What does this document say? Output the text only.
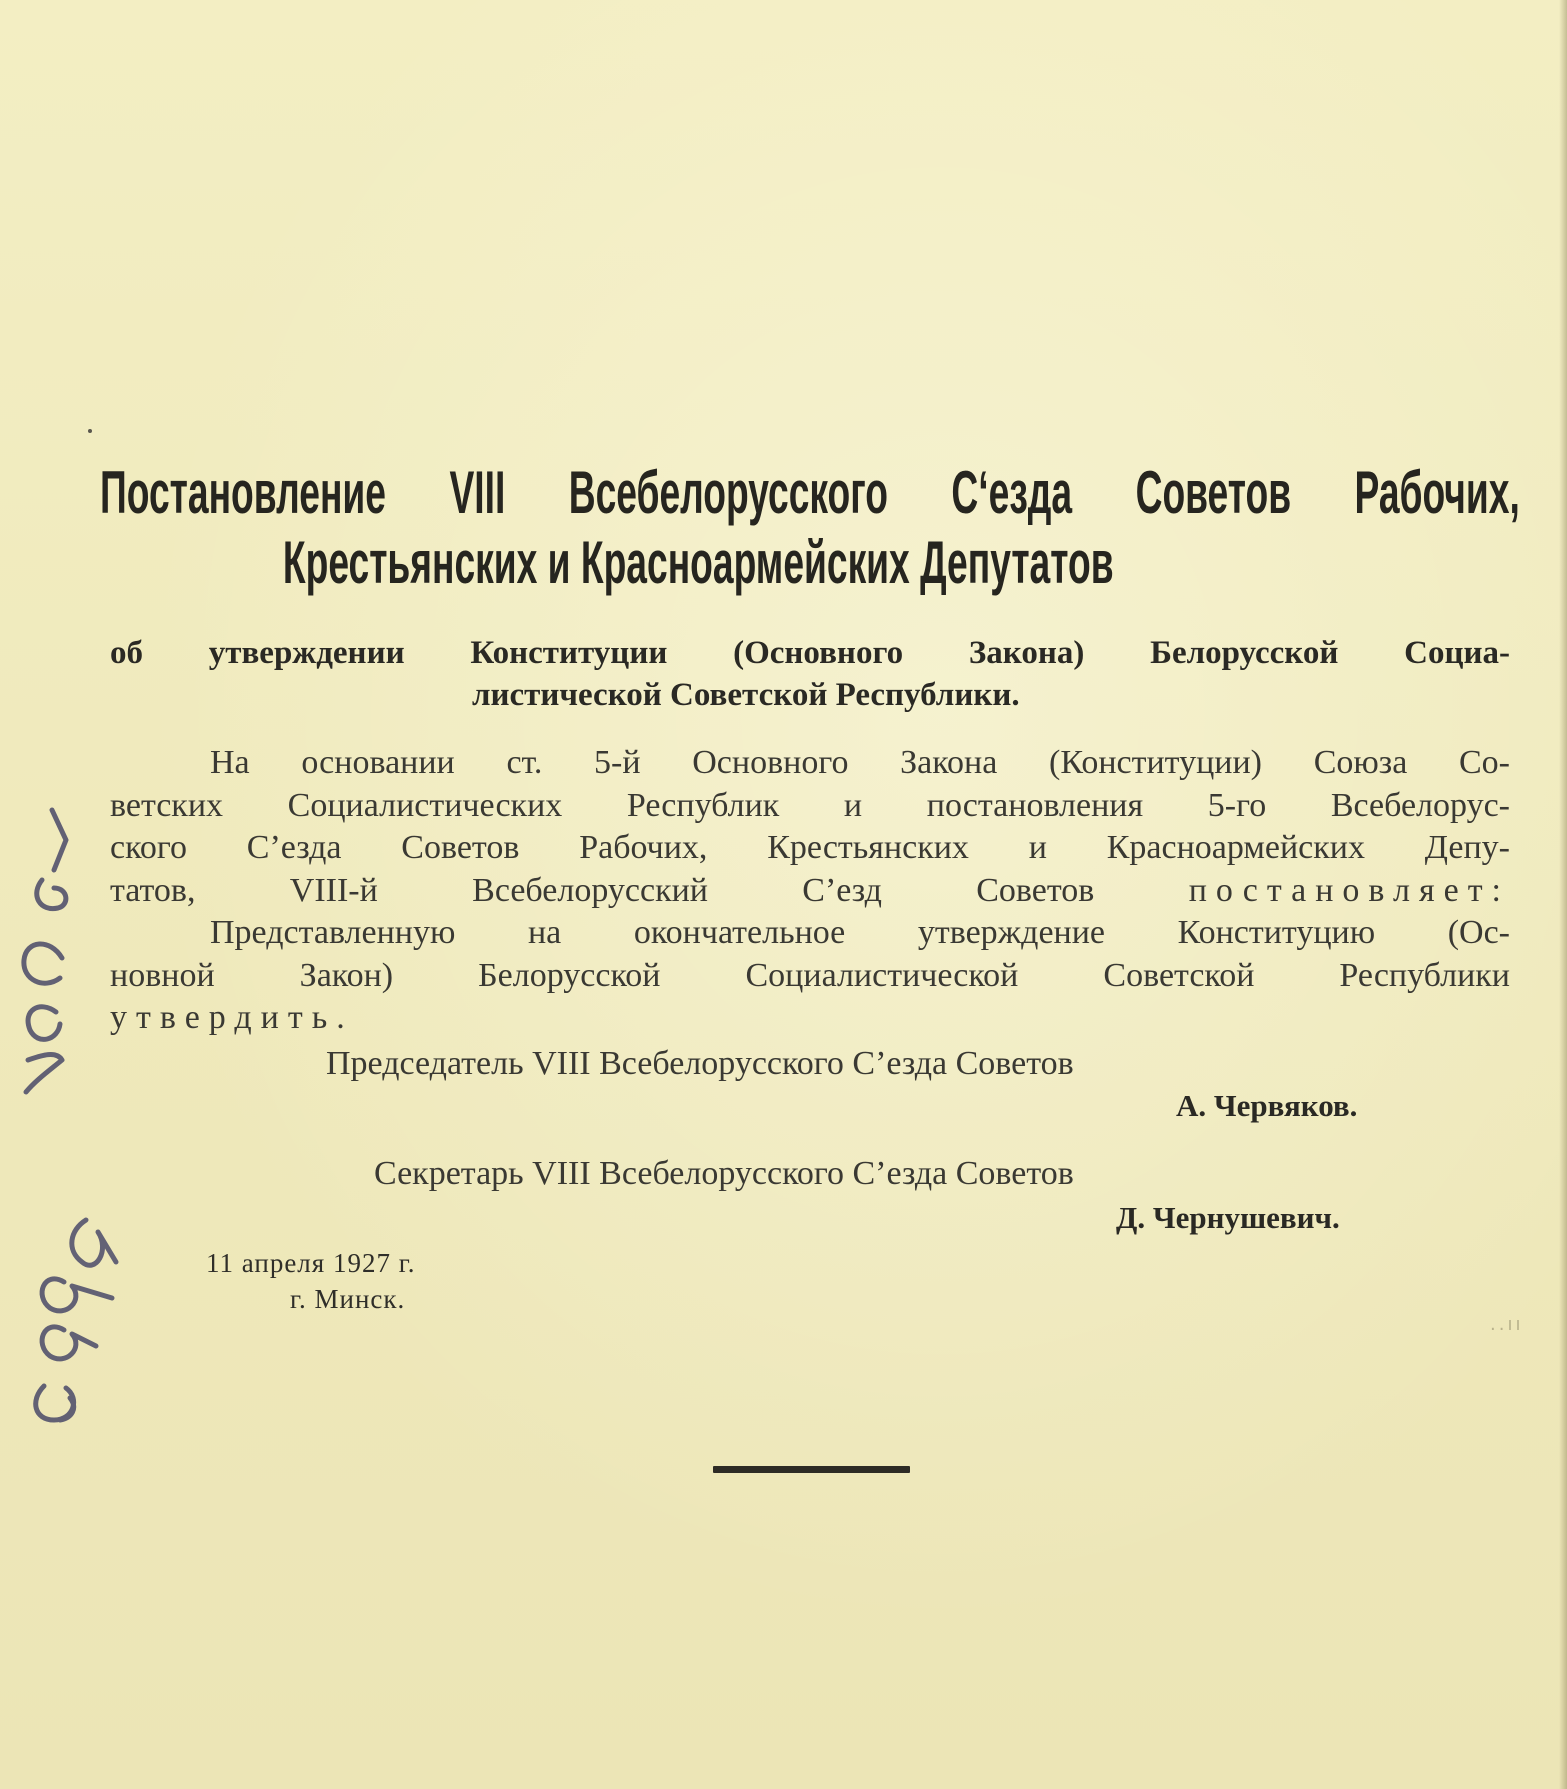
Постановление VIII Всебелорусского С‘езда Советов Рабочих,
Крестьянских и Красноармейских Депутатов
об утверждении Конституции (Основного Закона) Белорусской Социа-
листической Советской Республики.
На основании ст. 5-й Основного Закона (Конституции) Союза Со-
ветских Социалистических Республик и постановления 5-го Всебелорус-
ского С’езда Советов Рабочих, Крестьянских и Красноармейских Депу-
татов, VIII-й Всебелорусский С’езд Советов	постановляет:
Представленную на окончательное утверждение Конституцию (Ос-
новной Закон) Белорусской Социалистической Советской Республики
утвердить.
Председатель VIII Всебелорусского С’езда Советов
А. Червяков.
Секретарь VIII Всебелорусского С’езда Советов
Д. Чернушевич.
11 апреля 1927 г.
г. Минск.
..ıı
